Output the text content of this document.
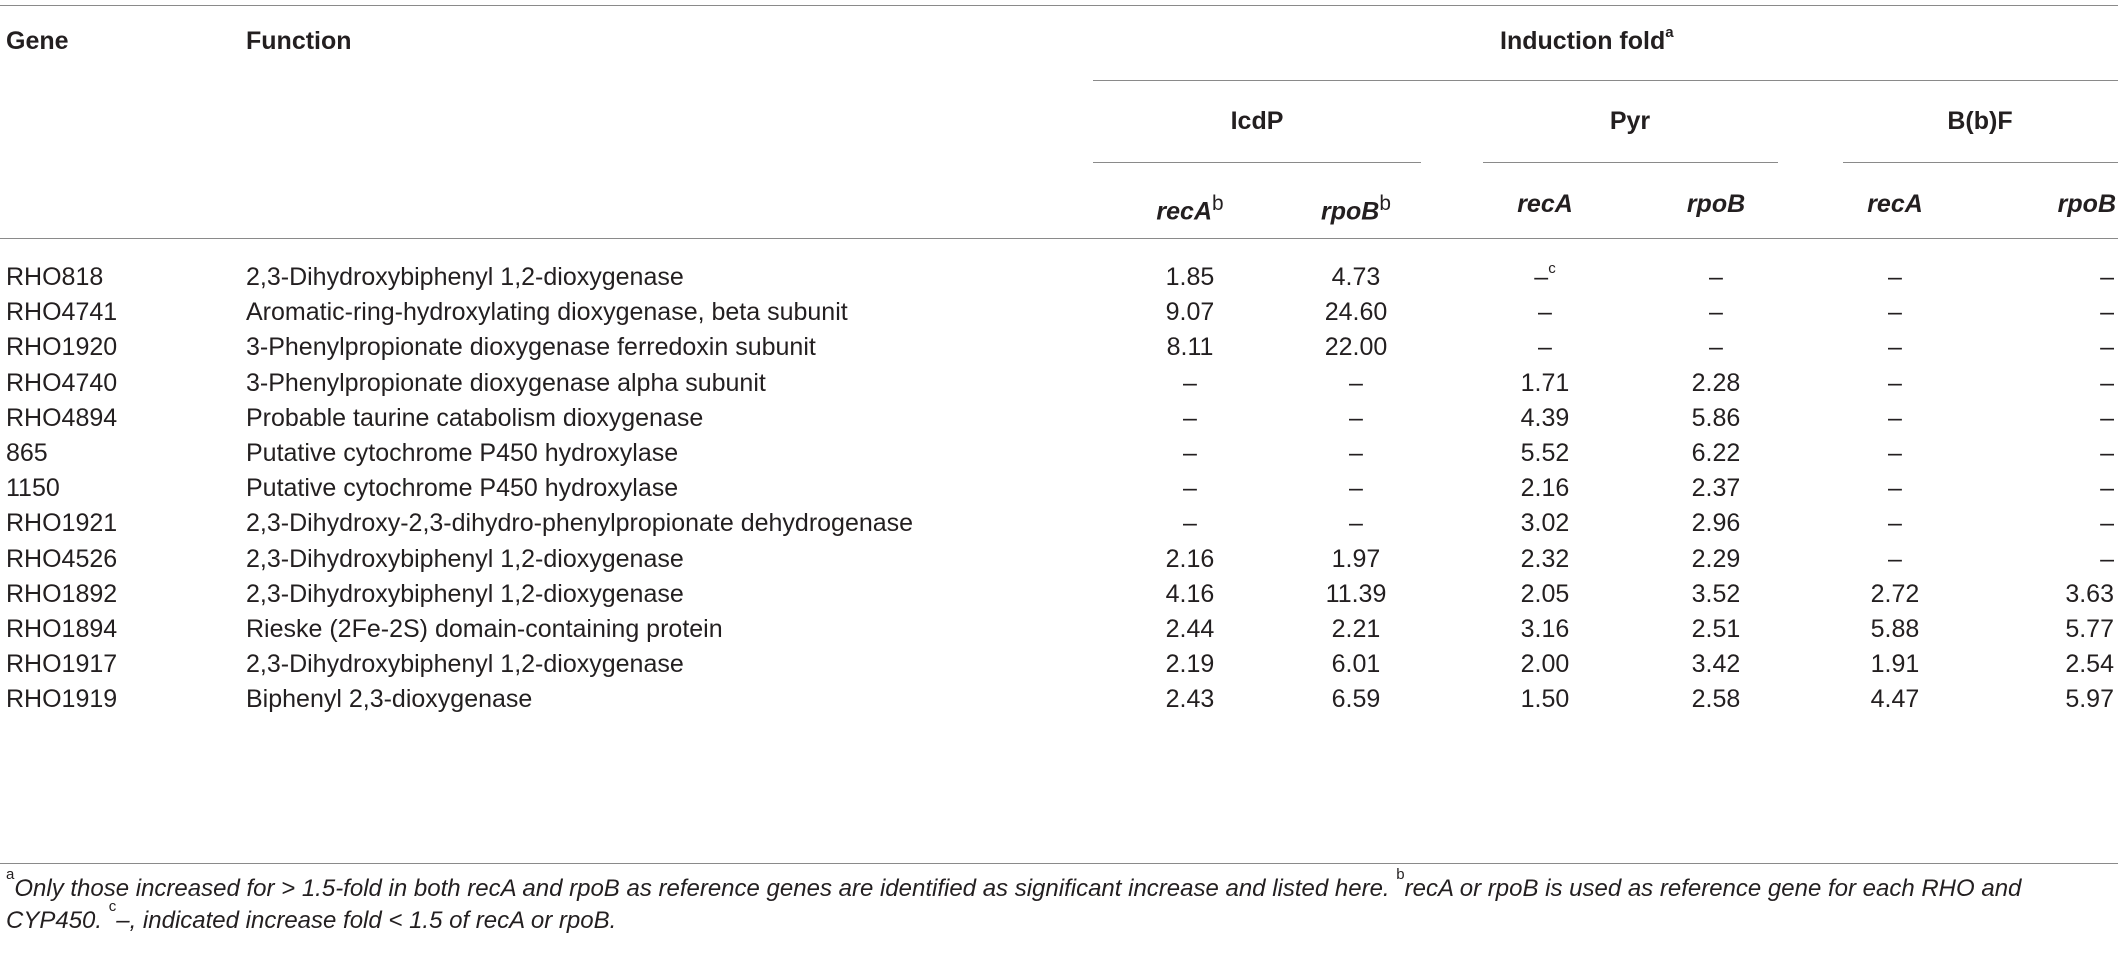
Gene	Function	Induction fold$^a$
IcdP	Pyr	B(b)F
recA$^b$	rpoB$^b$	recA	rpoB	recA	rpoB
RHO818	2,3-Dihydroxybiphenyl 1,2-dioxygenase	1.85	4.73	–$^c$	–	–	–
RHO4741	Aromatic-ring-hydroxylating dioxygenase, beta subunit	9.07	24.60	–	–	–	–
RHO1920	3-Phenylpropionate dioxygenase ferredoxin subunit	8.11	22.00	–	–	–	–
RHO4740	3-Phenylpropionate dioxygenase alpha subunit	–	–	1.71	2.28	–	–
RHO4894	Probable taurine catabolism dioxygenase	–	–	4.39	5.86	–	–
865	Putative cytochrome P450 hydroxylase	–	–	5.52	6.22	–	–
1150	Putative cytochrome P450 hydroxylase	–	–	2.16	2.37	–	–
RHO1921	2,3-Dihydroxy-2,3-dihydro-phenylpropionate dehydrogenase	–	–	3.02	2.96	–	–
RHO4526	2,3-Dihydroxybiphenyl 1,2-dioxygenase	2.16	1.97	2.32	2.29	–	–
RHO1892	2,3-Dihydroxybiphenyl 1,2-dioxygenase	4.16	11.39	2.05	3.52	2.72	3.63
RHO1894	Rieske (2Fe-2S) domain-containing protein	2.44	2.21	3.16	2.51	5.88	5.77
RHO1917	2,3-Dihydroxybiphenyl 1,2-dioxygenase	2.19	6.01	2.00	3.42	1.91	2.54
RHO1919	Biphenyl 2,3-dioxygenase	2.43	6.59	1.50	2.58	4.47	5.97
$^a$Only those increased for > 1.5-fold in both recA and rpoB as reference genes are identified as significant increase and listed here. $^b$recA or rpoB is used as reference gene for each RHO and CYP450. $^c$–, indicated increase fold < 1.5 of recA or rpoB.
